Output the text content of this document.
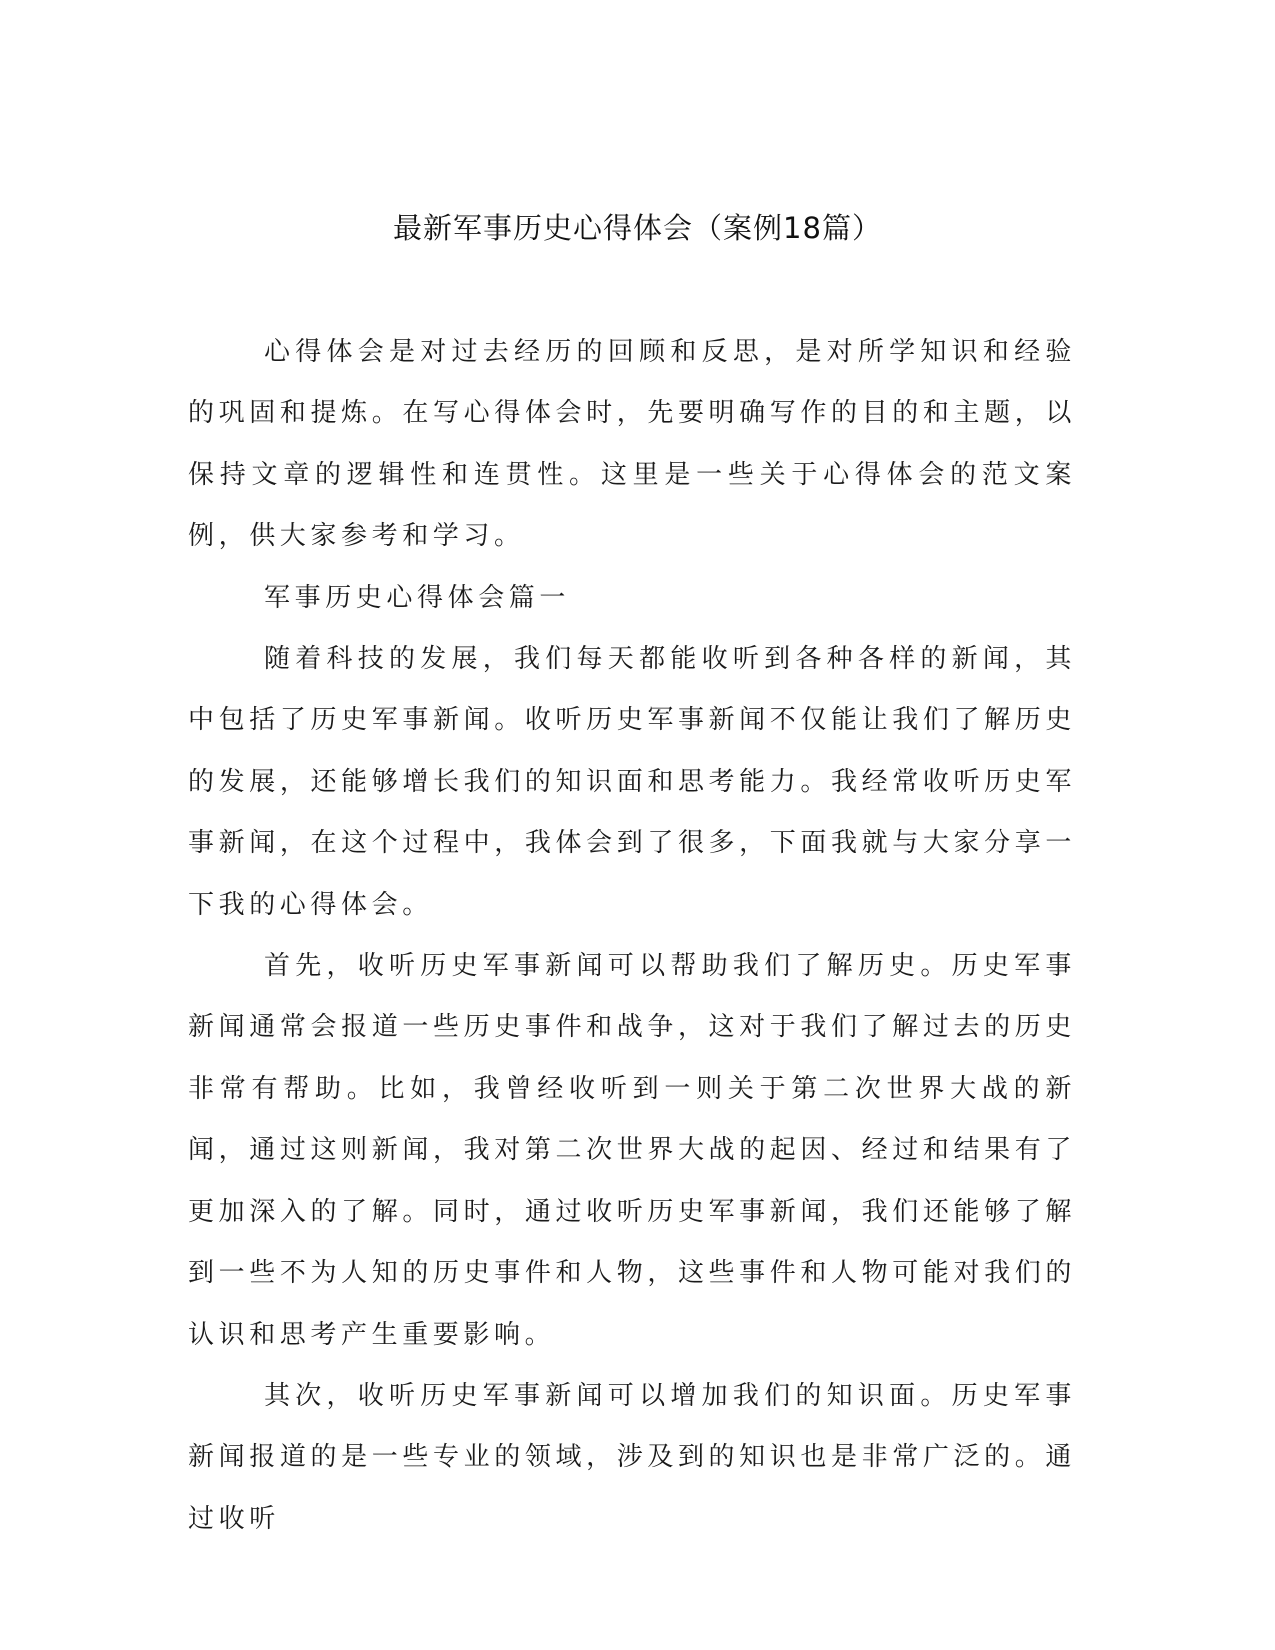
最新军事历史心得体会（案例18篇）

心得体会是对过去经历的回顾和反思，是对所学知识和经验的巩固和提炼。在写心得体会时，先要明确写作的目的和主题，以保持文章的逻辑性和连贯性。这里是一些关于心得体会的范文案例，供大家参考和学习。

军事历史心得体会篇一

随着科技的发展，我们每天都能收听到各种各样的新闻，其中包括了历史军事新闻。收听历史军事新闻不仅能让我们了解历史的发展，还能够增长我们的知识面和思考能力。我经常收听历史军事新闻，在这个过程中，我体会到了很多，下面我就与大家分享一下我的心得体会。

首先，收听历史军事新闻可以帮助我们了解历史。历史军事新闻通常会报道一些历史事件和战争，这对于我们了解过去的历史非常有帮助。比如，我曾经收听到一则关于第二次世界大战的新闻，通过这则新闻，我对第二次世界大战的起因、经过和结果有了更加深入的了解。同时，通过收听历史军事新闻，我们还能够了解到一些不为人知的历史事件和人物，这些事件和人物可能对我们的认识和思考产生重要影响。

其次，收听历史军事新闻可以增加我们的知识面。历史军事新闻报道的是一些专业的领域，涉及到的知识也是非常广泛的。通过收听
